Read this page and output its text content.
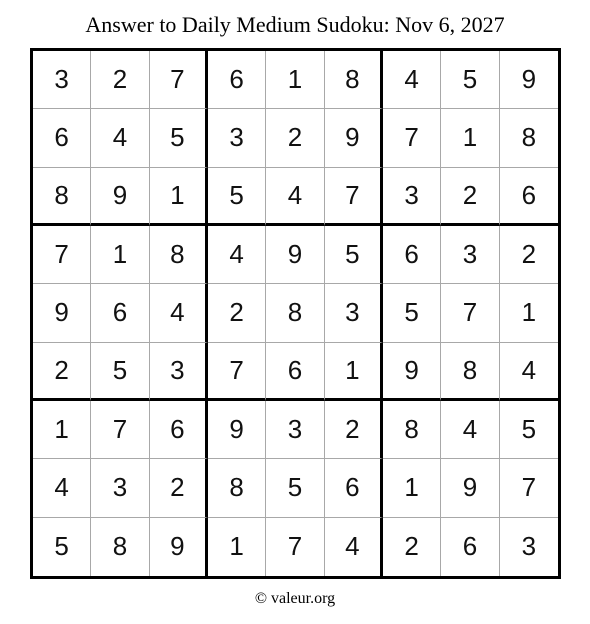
Answer to Daily Medium Sudoku: Nov 6, 2027
3	2	7	6	1	8	4	5	9
6	4	5	3	2	9	7	1	8
8	9	1	5	4	7	3	2	6
7	1	8	4	9	5	6	3	2
9	6	4	2	8	3	5	7	1
2	5	3	7	6	1	9	8	4
1	7	6	9	3	2	8	4	5
4	3	2	8	5	6	1	9	7
5	8	9	1	7	4	2	6	3
© valeur.org
